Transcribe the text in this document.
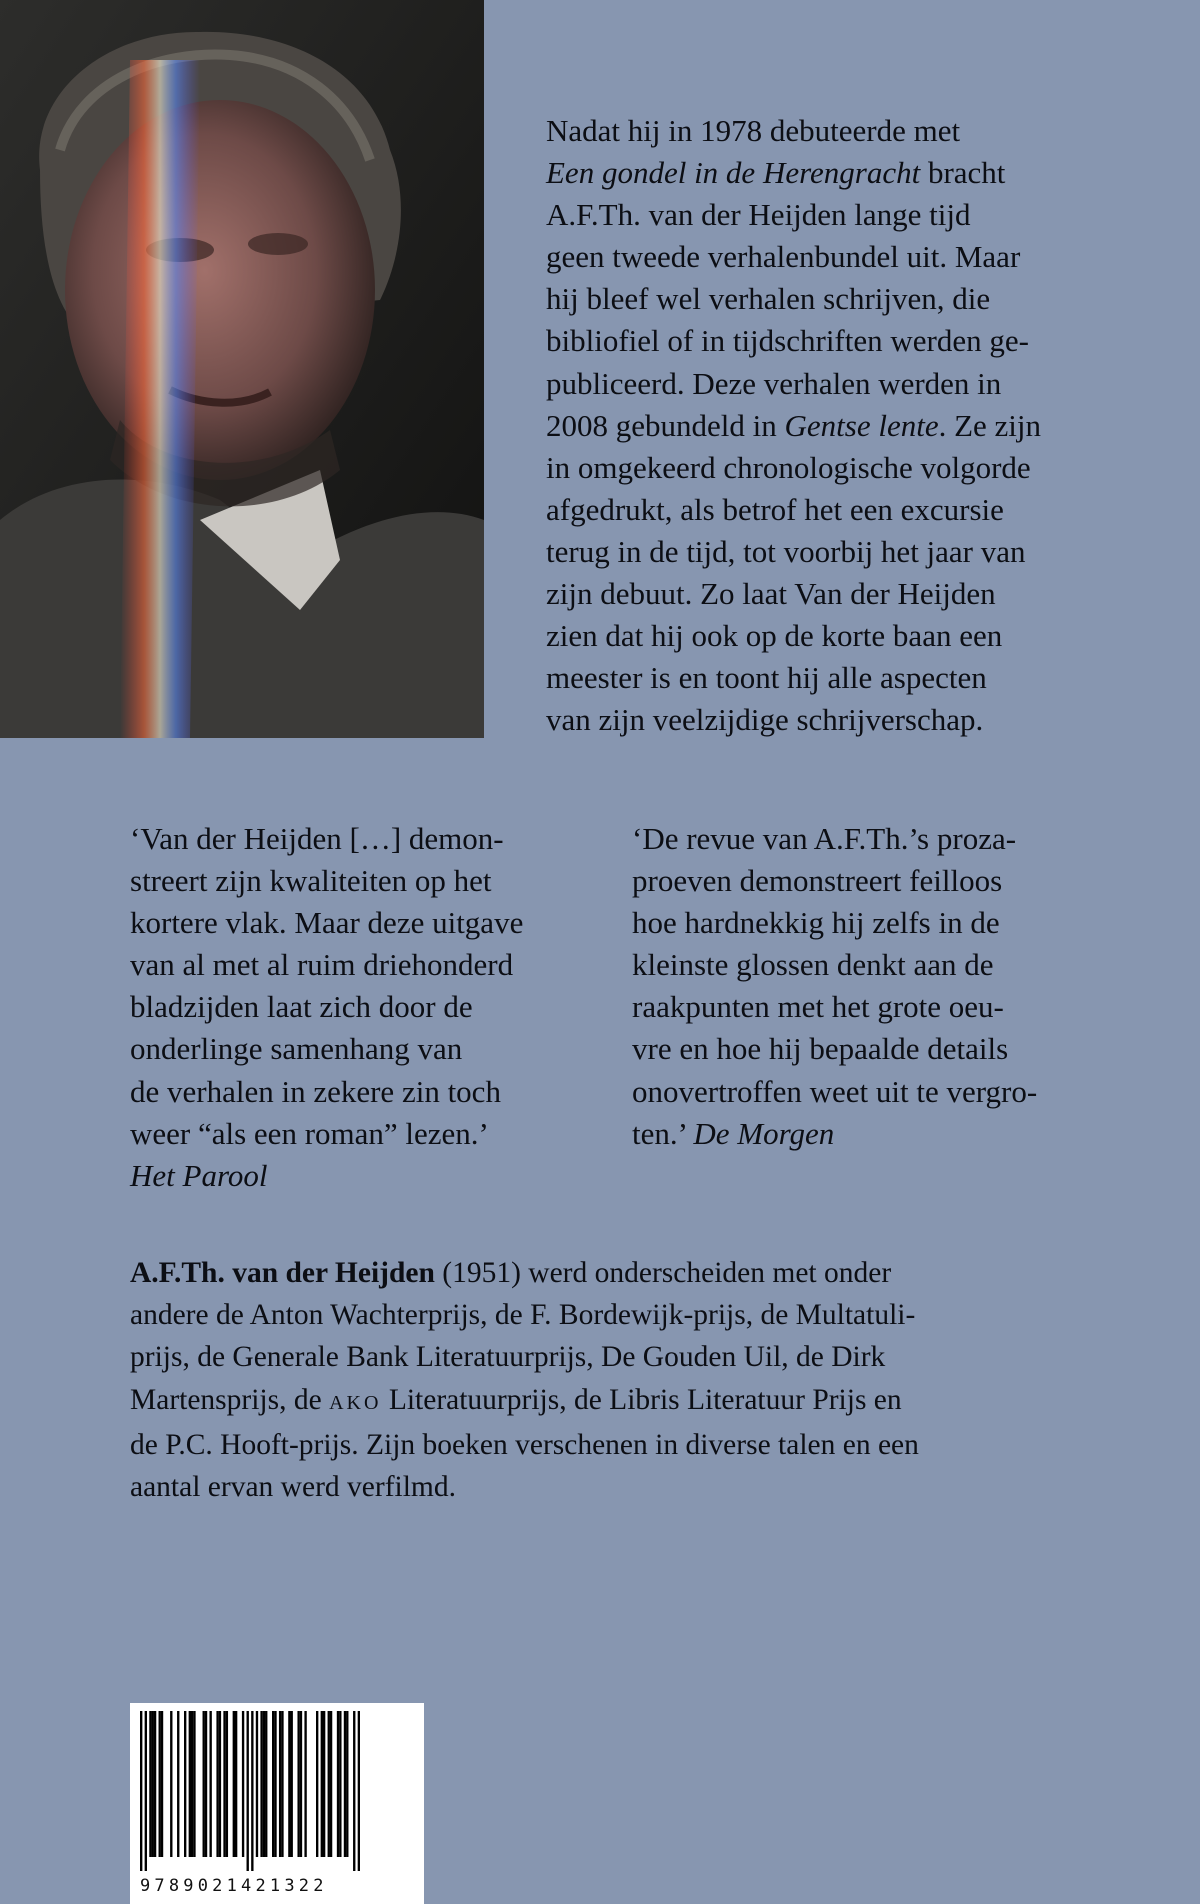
Nadat hij in 1978 debuteerde met
Een gondel in de Herengracht bracht
A.F.Th. van der Heijden lange tijd
geen tweede verhalenbundel uit. Maar
hij bleef wel verhalen schrijven, die
bibliofiel of in tijdschriften werden ge-
publiceerd. Deze verhalen werden in
2008 gebundeld in Gentse lente. Ze zijn
in omgekeerd chronologische volgorde
afgedrukt, als betrof het een excursie
terug in de tijd, tot voorbij het jaar van
zijn debuut. Zo laat Van der Heijden
zien dat hij ook op de korte baan een
meester is en toont hij alle aspecten
van zijn veelzijdige schrijverschap.
‘Van der Heijden […] demon-
streert zijn kwaliteiten op het
kortere vlak. Maar deze uitgave
van al met al ruim driehonderd
bladzijden laat zich door de
onderlinge samenhang van
de verhalen in zekere zin toch
weer “als een roman” lezen.’
Het Parool
‘De revue van A.F.Th.’s proza-
proeven demonstreert feilloos
hoe hardnekkig hij zelfs in de
kleinste glossen denkt aan de
raakpunten met het grote oeu-
vre en hoe hij bepaalde details
onovertroffen weet uit te vergro-
ten.’ De Morgen
A.F.Th. van der Heijden (1951) werd onderscheiden met onder
andere de Anton Wachterprijs, de F. Bordewijk-prijs, de Multatuli-
prijs, de Generale Bank Literatuurprijs, De Gouden Uil, de Dirk
Martensprijs, de AKO Literatuurprijs, de Libris Literatuur Prijs en
de P.C. Hooft-prijs. Zijn boeken verschenen in diverse talen en een
aantal ervan werd verfilmd.
9789021421322
